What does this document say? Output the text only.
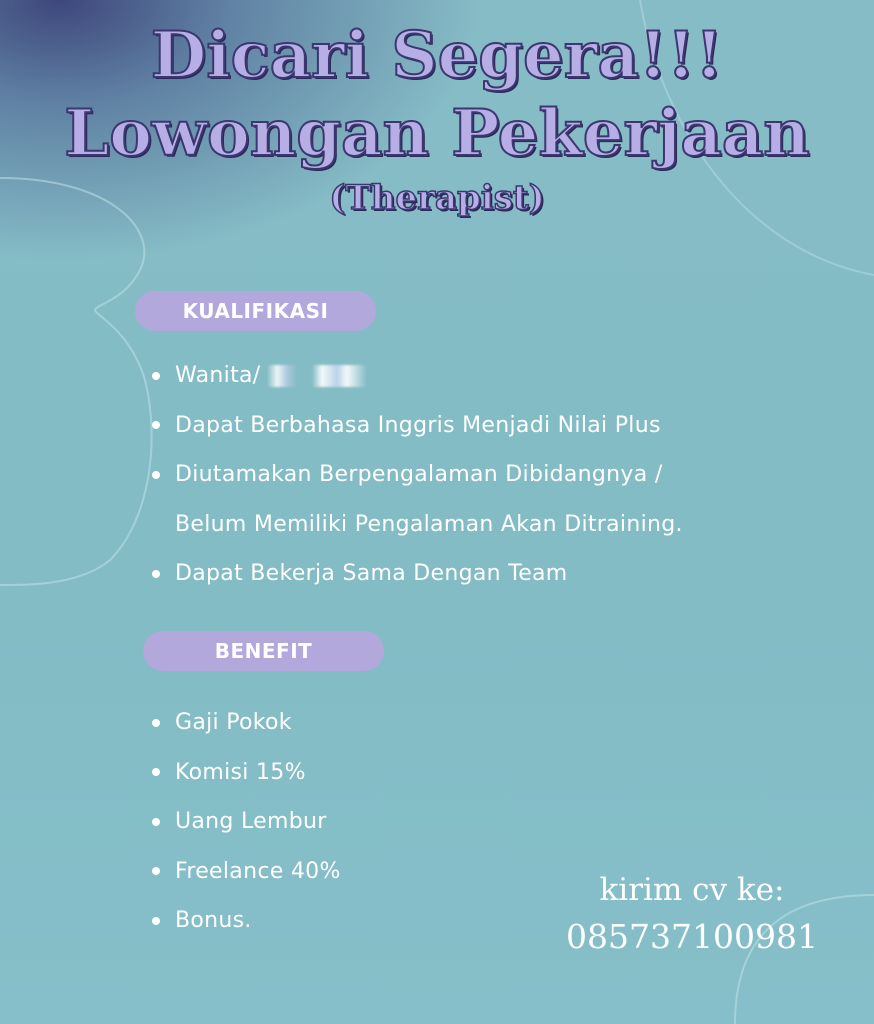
Dicari Segera!!!
Lowongan Pekerjaan
(Therapist)
KUALIFIKASI
Wanita/
Dapat Berbahasa Inggris Menjadi Nilai Plus
Diutamakan Berpengalaman Dibidangnya /
Belum Memiliki Pengalaman Akan Ditraining.
Dapat Bekerja Sama Dengan Team
BENEFIT
Gaji Pokok
Komisi 15%
Uang Lembur
Freelance 40%
Bonus.
kirim cv ke:
085737100981
